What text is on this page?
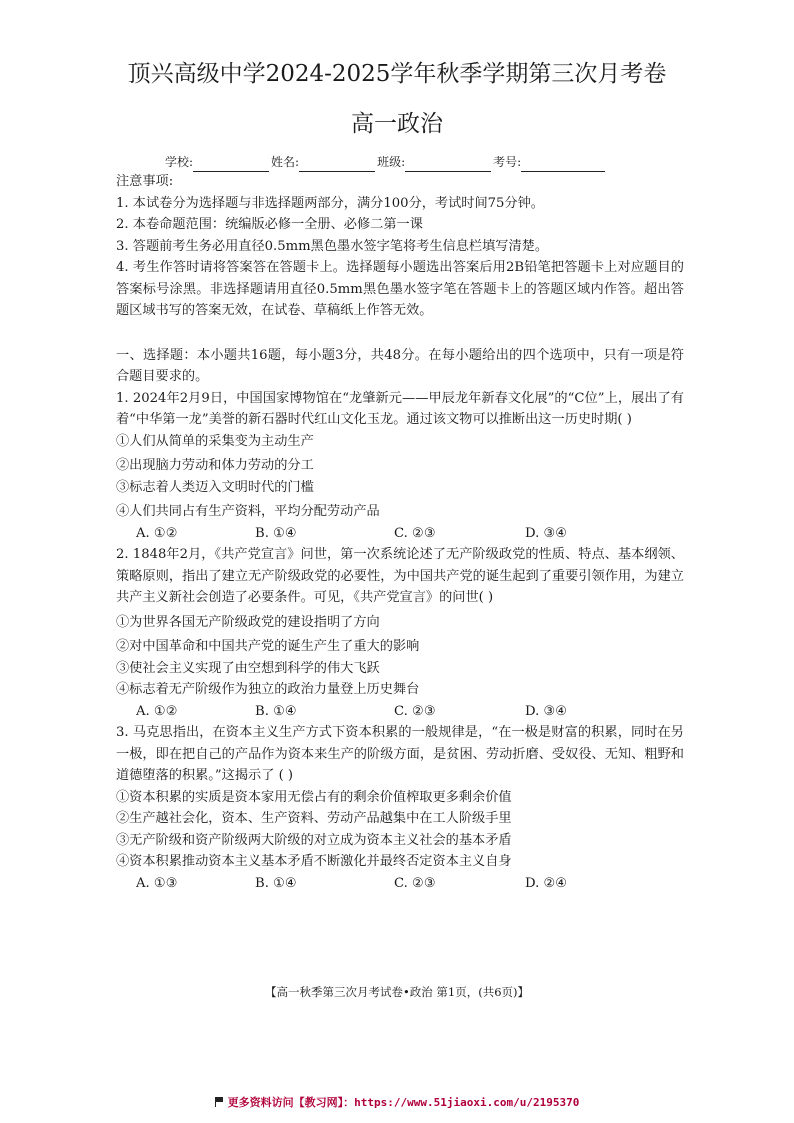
顶兴高级中学2024-2025学年秋季学期第三次月考卷
高一政治
学校:	姓名:	班级:	考号:

注意事项:

1. 本试卷分为选择题与非选择题两部分，满分100分，考试时间75分钟。

2. 本卷命题范围：统编版必修一全册、必修二第一课

3. 答题前考生务必用直径0.5mm黑色墨水签字笔将考生信息栏填写清楚。

4. 考生作答时请将答案答在答题卡上。选择题每小题选出答案后用2B铅笔把答题卡上对应题目的答案标号涂黑。非选择题请用直径0.5mm黑色墨水签字笔在答题卡上的答题区域内作答。超出答题区域书写的答案无效，在试卷、草稿纸上作答无效。

一、选择题：本小题共16题，每小题3分，共48分。在每小题给出的四个选项中，只有一项是符合题目要求的。

1. 2024年2月9日，中国国家博物馆在“龙肇新元——甲辰龙年新春文化展”的“C位”上，展出了有着“中华第一龙”美誉的新石器时代红山文化玉龙。通过该文物可以推断出这一历史时期( )

①人们从简单的采集变为主动生产

②出现脑力劳动和体力劳动的分工

③标志着人类迈入文明时代的门槛

④人们共同占有生产资料，平均分配劳动产品

A. ①②	B. ①④	C. ②③	D. ③④

2. 1848年2月，《共产党宣言》问世，第一次系统论述了无产阶级政党的性质、特点、基本纲领、策略原则，指出了建立无产阶级政党的必要性，为中国共产党的诞生起到了重要引领作用，为建立共产主义新社会创造了必要条件。可见，《共产党宣言》的问世( )

①为世界各国无产阶级政党的建设指明了方向

②对中国革命和中国共产党的诞生产生了重大的影响

③使社会主义实现了由空想到科学的伟大飞跃

④标志着无产阶级作为独立的政治力量登上历史舞台

A. ①②	B. ①④	C. ②③	D. ③④

3. 马克思指出，在资本主义生产方式下资本积累的一般规律是，“在一极是财富的积累，同时在另一极，即在把自己的产品作为资本来生产的阶级方面，是贫困、劳动折磨、受奴役、无知、粗野和道德堕落的积累。”这揭示了 ( )

①资本积累的实质是资本家用无偿占有的剩余价值榨取更多剩余价值

②生产越社会化，资本、生产资料、劳动产品越集中在工人阶级手里

③无产阶级和资产阶级两大阶级的对立成为资本主义社会的基本矛盾

④资本积累推动资本主义基本矛盾不断激化并最终否定资本主义自身

A. ①③	B. ①④	C. ②③	D. ②④
【高一秋季第三次月考试卷•政治 第1页，(共6页)】
更多资料访问【教习网】：https://www.51jiaoxi.com/u/2195370
